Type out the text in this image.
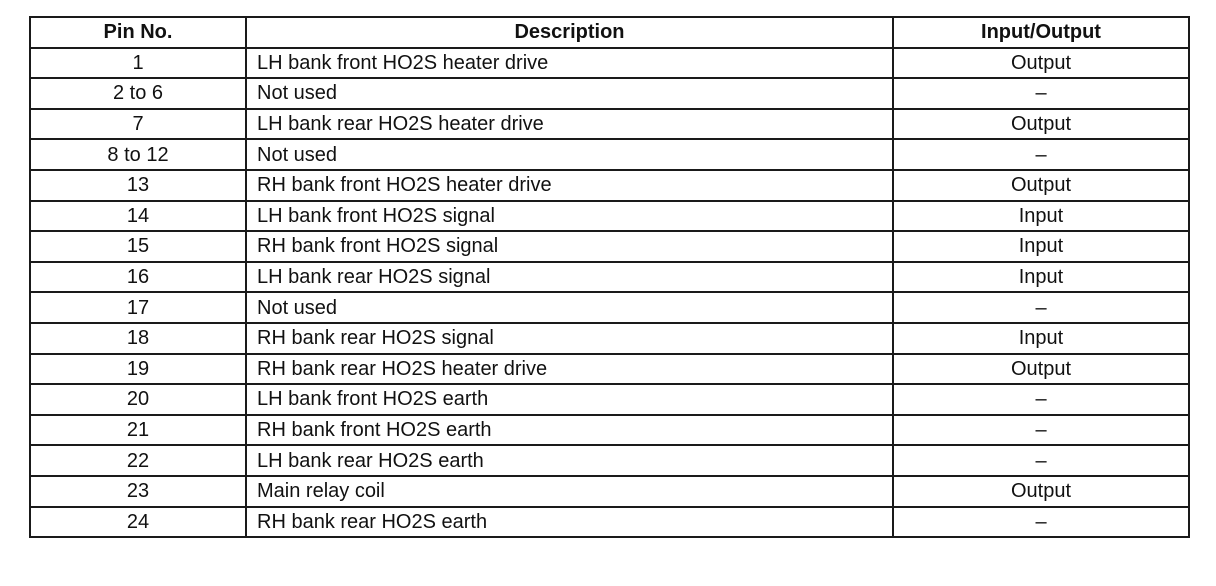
Pin No.	Description	Input/Output
1	LH bank front HO2S heater drive	Output
2 to 6	Not used	–
7	LH bank rear HO2S heater drive	Output
8 to 12	Not used	–
13	RH bank front HO2S heater drive	Output
14	LH bank front HO2S signal	Input
15	RH bank front HO2S signal	Input
16	LH bank rear HO2S signal	Input
17	Not used	–
18	RH bank rear HO2S signal	Input
19	RH bank rear HO2S heater drive	Output
20	LH bank front HO2S earth	–
21	RH bank front HO2S earth	–
22	LH bank rear HO2S earth	–
23	Main relay coil	Output
24	RH bank rear HO2S earth	–
